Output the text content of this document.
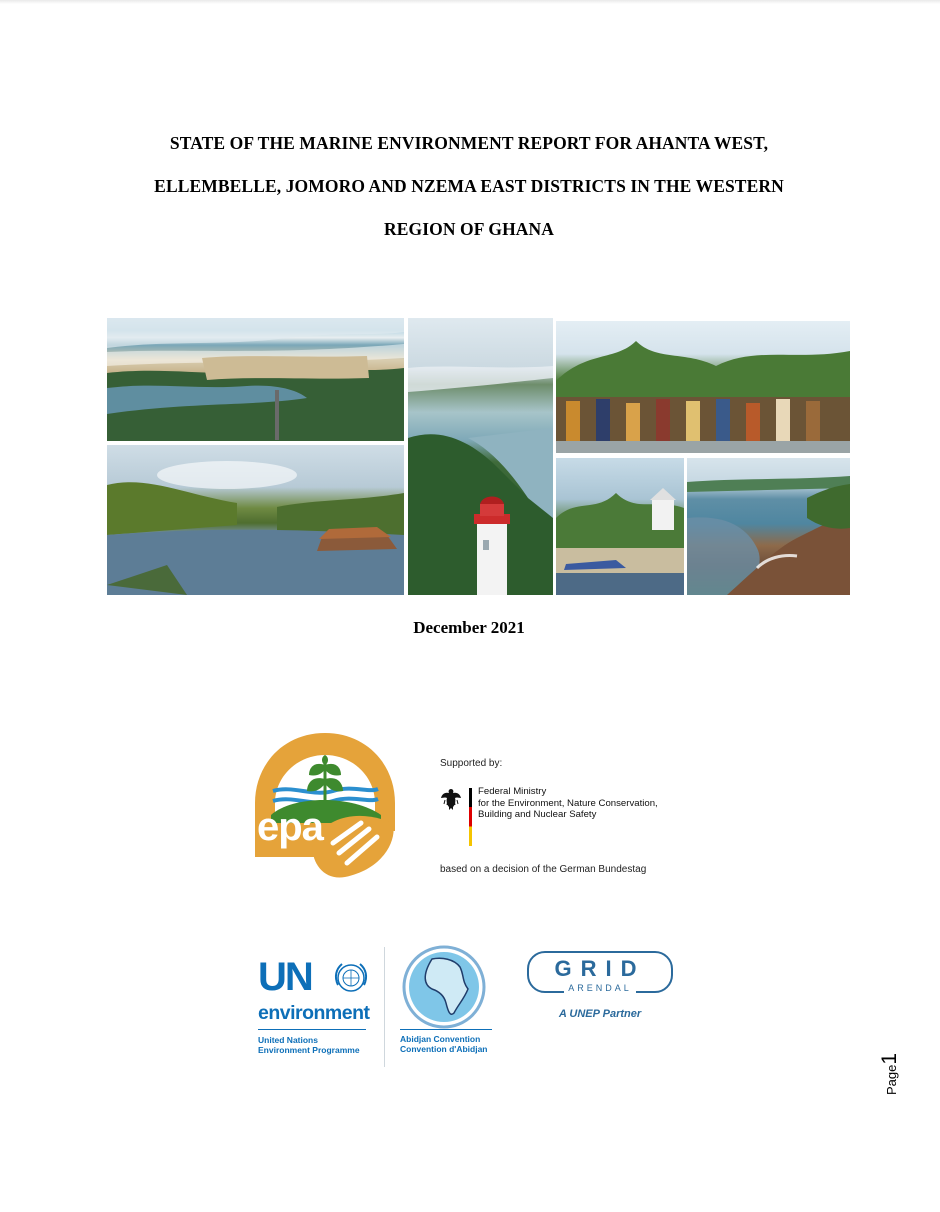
STATE OF THE MARINE ENVIRONMENT REPORT FOR AHANTA WEST,
ELLEMBELLE, JOMORO AND NZEMA EAST DISTRICTS IN THE WESTERN
REGION OF GHANA
December 2021
epa
Supported by:
Federal Ministry
for the Environment, Nature Conservation,
Building and Nuclear Safety
based on a decision of the German Bundestag
UN
environment
United Nations
Environment Programme
Abidjan Convention
Convention d'Abidjan
GRID
ARENDAL
A UNEP Partner
Page1
